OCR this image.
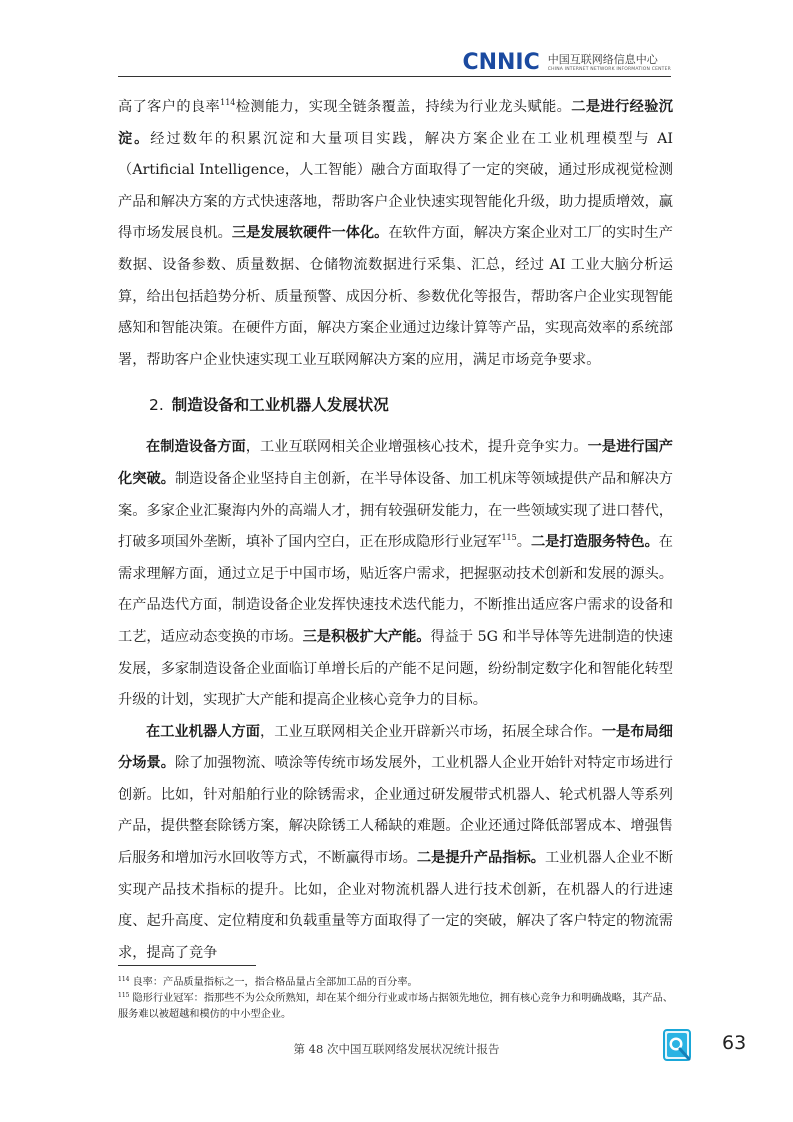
CNNIC 中国互联网络信息中心
CHINA INTERNET NETWORK INFORMATION CENTER

高了客户的良率$^{114}$检测能力，实现全链条覆盖，持续为行业龙头赋能。二是进行经验沉淀。经过数年的积累沉淀和大量项目实践，解决方案企业在工业机理模型与 AI（Artificial Intelligence，人工智能）融合方面取得了一定的突破，通过形成视觉检测产品和解决方案的方式快速落地，帮助客户企业快速实现智能化升级，助力提质增效，赢得市场发展良机。三是发展软硬件一体化。在软件方面，解决方案企业对工厂的实时生产数据、设备参数、质量数据、仓储物流数据进行采集、汇总，经过 AI 工业大脑分析运算，给出包括趋势分析、质量预警、成因分析、参数优化等报告，帮助客户企业实现智能感知和智能决策。在硬件方面，解决方案企业通过边缘计算等产品，实现高效率的系统部署，帮助客户企业快速实现工业互联网解决方案的应用，满足市场竞争要求。

2. 制造设备和工业机器人发展状况

在制造设备方面，工业互联网相关企业增强核心技术，提升竞争实力。一是进行国产化突破。制造设备企业坚持自主创新，在半导体设备、加工机床等领域提供产品和解决方案。多家企业汇聚海内外的高端人才，拥有较强研发能力，在一些领域实现了进口替代，打破多项国外垄断，填补了国内空白，正在形成隐形行业冠军$^{115}$。二是打造服务特色。在需求理解方面，通过立足于中国市场，贴近客户需求，把握驱动技术创新和发展的源头。在产品迭代方面，制造设备企业发挥快速技术迭代能力，不断推出适应客户需求的设备和工艺，适应动态变换的市场。三是积极扩大产能。得益于 5G 和半导体等先进制造的快速发展，多家制造设备企业面临订单增长后的产能不足问题，纷纷制定数字化和智能化转型升级的计划，实现扩大产能和提高企业核心竞争力的目标。

在工业机器人方面，工业互联网相关企业开辟新兴市场，拓展全球合作。一是布局细分场景。除了加强物流、喷涂等传统市场发展外，工业机器人企业开始针对特定市场进行创新。比如，针对船舶行业的除锈需求，企业通过研发履带式机器人、轮式机器人等系列产品，提供整套除锈方案，解决除锈工人稀缺的难题。企业还通过降低部署成本、增强售后服务和增加污水回收等方式，不断赢得市场。二是提升产品指标。工业机器人企业不断实现产品技术指标的提升。比如，企业对物流机器人进行技术创新，在机器人的行进速度、起升高度、定位精度和负载重量等方面取得了一定的突破，解决了客户特定的物流需求，提高了竞争

$^{114}$ 良率：产品质量指标之一，指合格品量占全部加工品的百分率。

$^{115}$ 隐形行业冠军：指那些不为公众所熟知，却在某个细分行业或市场占据领先地位，拥有核心竞争力和明确战略，其产品、服务难以被超越和模仿的中小型企业。

第 48 次中国互联网络发展状况统计报告	63
